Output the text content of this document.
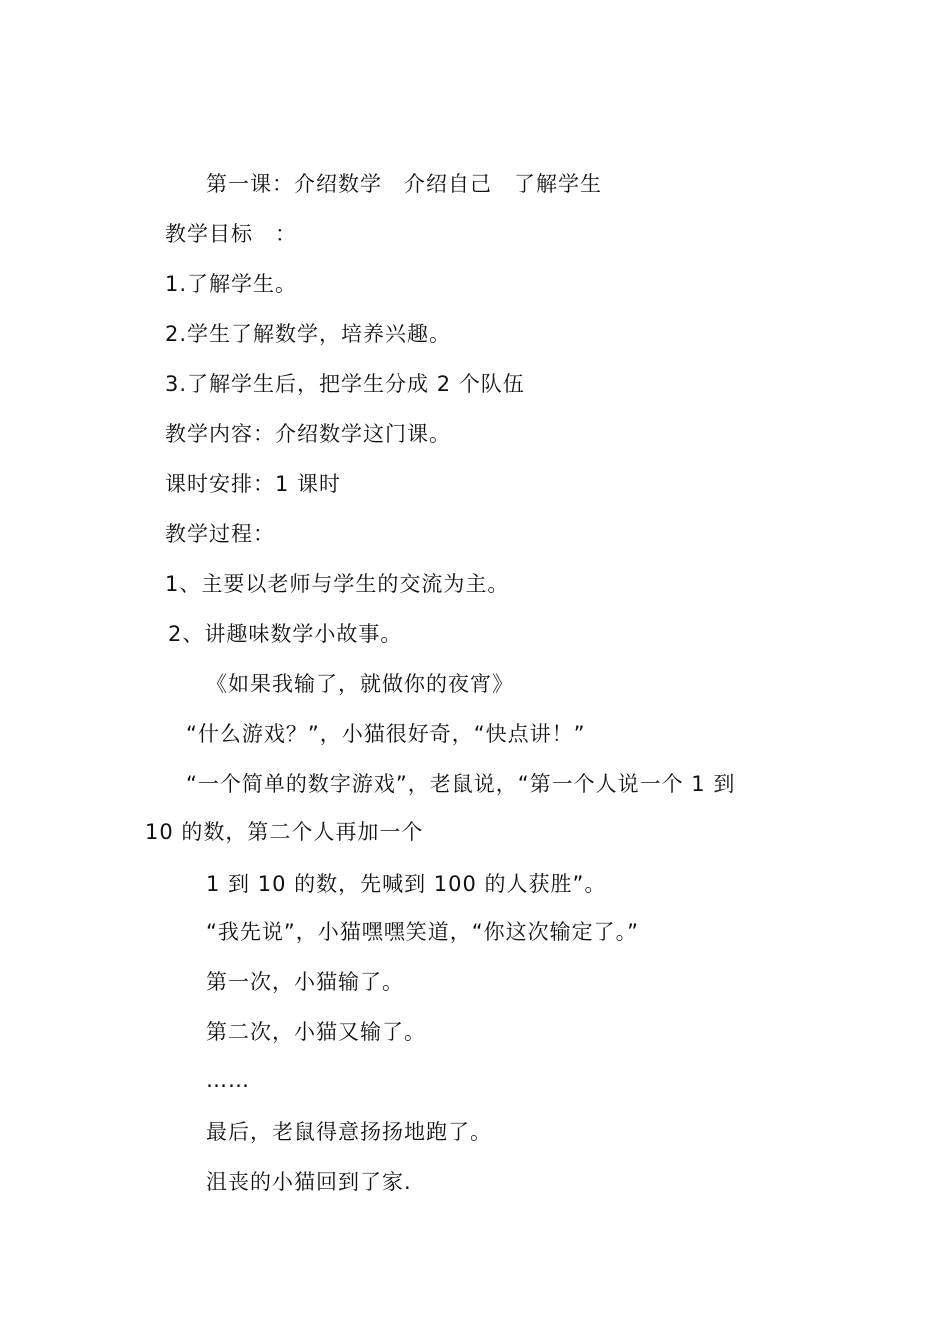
第一课：介绍数学　介绍自己　了解学生
教学目标　：
1.了解学生。
2.学生了解数学，培养兴趣。
3.了解学生后，把学生分成 2 个队伍
教学内容：介绍数学这门课。
课时安排：1 课时
教学过程：
1、主要以老师与学生的交流为主。
2、讲趣味数学小故事。
《如果我输了，就做你的夜宵》
“什么游戏？”，小猫很好奇，“快点讲！”
“一个简单的数字游戏”，老鼠说，“第一个人说一个 1 到
10 的数，第二个人再加一个
1 到 10 的数，先喊到 100 的人获胜”。
“我先说”，小猫嘿嘿笑道，“你这次输定了。”
第一次，小猫输了。
第二次，小猫又输了。
……
最后，老鼠得意扬扬地跑了。
沮丧的小猫回到了家.
